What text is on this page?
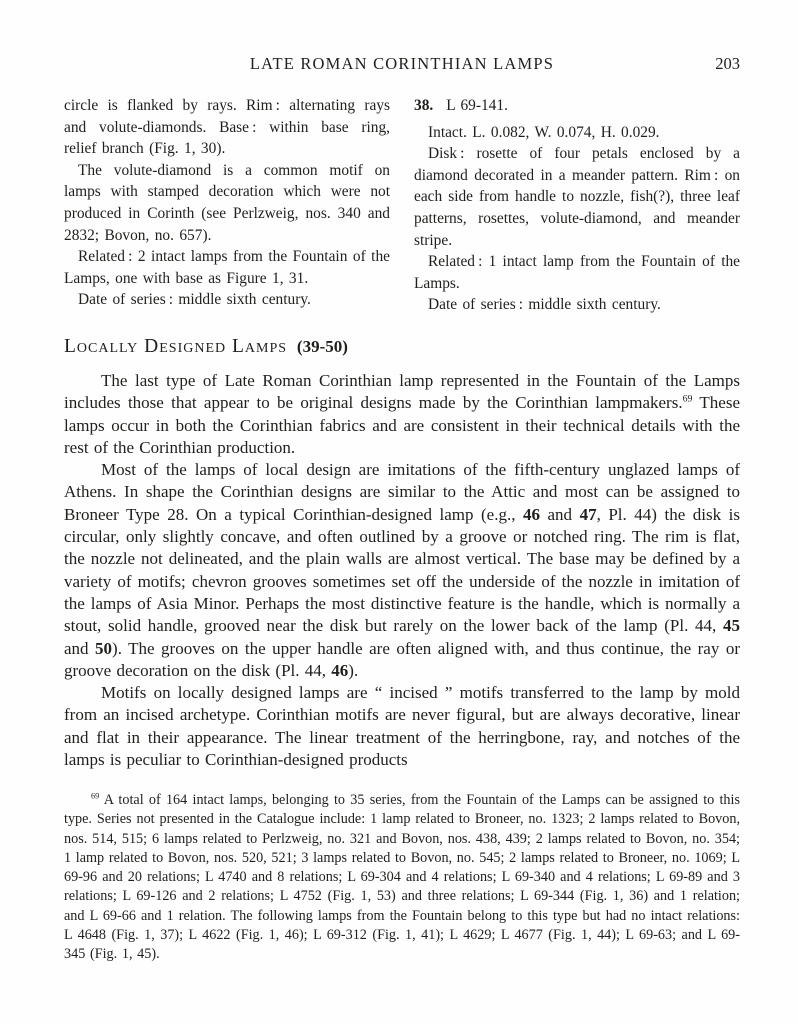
LATE ROMAN CORINTHIAN LAMPS	203

circle is flanked by rays. Rim : alternating rays and volute-diamonds. Base : within base ring, relief branch (Fig. 1, 30).

The volute-diamond is a common motif on lamps with stamped decoration which were not produced in Corinth (see Perlzweig, nos. 340 and 2832; Bovon, no. 657).

Related : 2 intact lamps from the Fountain of the Lamps, one with base as Figure 1, 31.

Date of series : middle sixth century.

38. L 69-141.

Intact. L. 0.082, W. 0.074, H. 0.029.

Disk : rosette of four petals enclosed by a diamond decorated in a meander pattern. Rim : on each side from handle to nozzle, fish(?), three leaf patterns, rosettes, volute-diamond, and meander stripe.

Related : 1 intact lamp from the Fountain of the Lamps.

Date of series : middle sixth century.

Locally Designed Lamps (39-50)

The last type of Late Roman Corinthian lamp represented in the Fountain of the Lamps includes those that appear to be original designs made by the Corinthian lampmakers.$^{69}$ These lamps occur in both the Corinthian fabrics and are consistent in their technical details with the rest of the Corinthian production.

Most of the lamps of local design are imitations of the fifth-century unglazed lamps of Athens. In shape the Corinthian designs are similar to the Attic and most can be assigned to Broneer Type 28. On a typical Corinthian-designed lamp (e.g., 46 and 47, Pl. 44) the disk is circular, only slightly concave, and often outlined by a groove or notched ring. The rim is flat, the nozzle not delineated, and the plain walls are almost vertical. The base may be defined by a variety of motifs; chevron grooves sometimes set off the underside of the nozzle in imitation of the lamps of Asia Minor. Perhaps the most distinctive feature is the handle, which is normally a stout, solid handle, grooved near the disk but rarely on the lower back of the lamp (Pl. 44, 45 and 50). The grooves on the upper handle are often aligned with, and thus continue, the ray or groove decoration on the disk (Pl. 44, 46).

Motifs on locally designed lamps are “ incised ” motifs transferred to the lamp by mold from an incised archetype. Corinthian motifs are never figural, but are always decorative, linear and flat in their appearance. The linear treatment of the herringbone, ray, and notches of the lamps is peculiar to Corinthian-designed products

$^{69}$ A total of 164 intact lamps, belonging to 35 series, from the Fountain of the Lamps can be assigned to this type. Series not presented in the Catalogue include: 1 lamp related to Broneer, no. 1323; 2 lamps related to Bovon, nos. 514, 515; 6 lamps related to Perlzweig, no. 321 and Bovon, nos. 438, 439; 2 lamps related to Bovon, no. 354; 1 lamp related to Bovon, nos. 520, 521; 3 lamps related to Bovon, no. 545; 2 lamps related to Broneer, no. 1069; L 69-96 and 20 relations; L 4740 and 8 relations; L 69-304 and 4 relations; L 69-340 and 4 relations; L 69-89 and 3 relations; L 69-126 and 2 relations; L 4752 (Fig. 1, 53) and three relations; L 69-344 (Fig. 1, 36) and 1 relation; and L 69-66 and 1 relation. The following lamps from the Fountain belong to this type but had no intact relations: L 4648 (Fig. 1, 37); L 4622 (Fig. 1, 46); L 69-312 (Fig. 1, 41); L 4629; L 4677 (Fig. 1, 44); L 69-63; and L 69-345 (Fig. 1, 45).
